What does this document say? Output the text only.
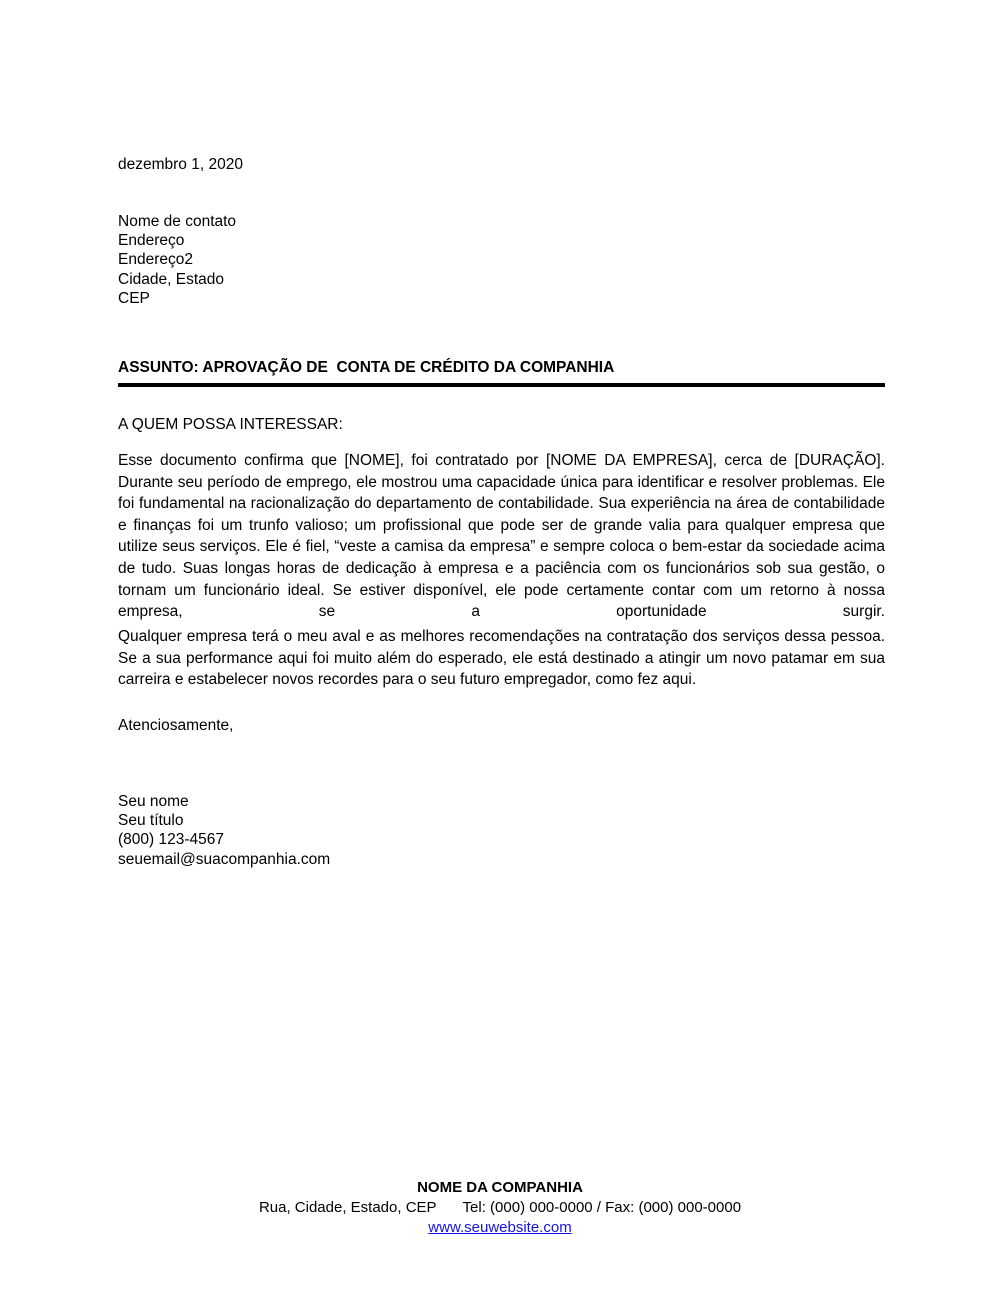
dezembro 1, 2020
Nome de contato
Endereço
Endereço2
Cidade, Estado
CEP
ASSUNTO: APROVAÇÃO DE  CONTA DE CRÉDITO DA COMPANHIA
A QUEM POSSA INTERESSAR:
Esse documento confirma que [NOME], foi contratado por [NOME DA EMPRESA], cerca de [DURAÇÃO]. Durante seu período de emprego, ele mostrou uma capacidade única para identificar e resolver problemas. Ele foi fundamental na racionalização do departamento de contabilidade. Sua experiência na área de contabilidade e finanças foi um trunfo valioso; um profissional que pode ser de grande valia para qualquer empresa que utilize seus serviços. Ele é fiel, “veste a camisa da empresa” e sempre coloca o bem-estar da sociedade acima de tudo. Suas longas horas de dedicação à empresa e a paciência com os funcionários sob sua gestão, o tornam um funcionário ideal. Se estiver disponível, ele pode certamente contar com um retorno à nossa empresa, se a oportunidade surgir.
Qualquer empresa terá o meu aval e as melhores recomendações na contratação dos serviços dessa pessoa. Se a sua performance aqui foi muito além do esperado, ele está destinado a atingir um novo patamar em sua carreira e estabelecer novos recordes para o seu futuro empregador, como fez aqui.
Atenciosamente,
Seu nome
Seu título
(800) 123-4567
seuemail@suacompanhia.com
NOME DA COMPANHIA
Rua, Cidade, Estado, CEP Tel: (000) 000-0000 / Fax: (000) 000-0000
www.seuwebsite.com
